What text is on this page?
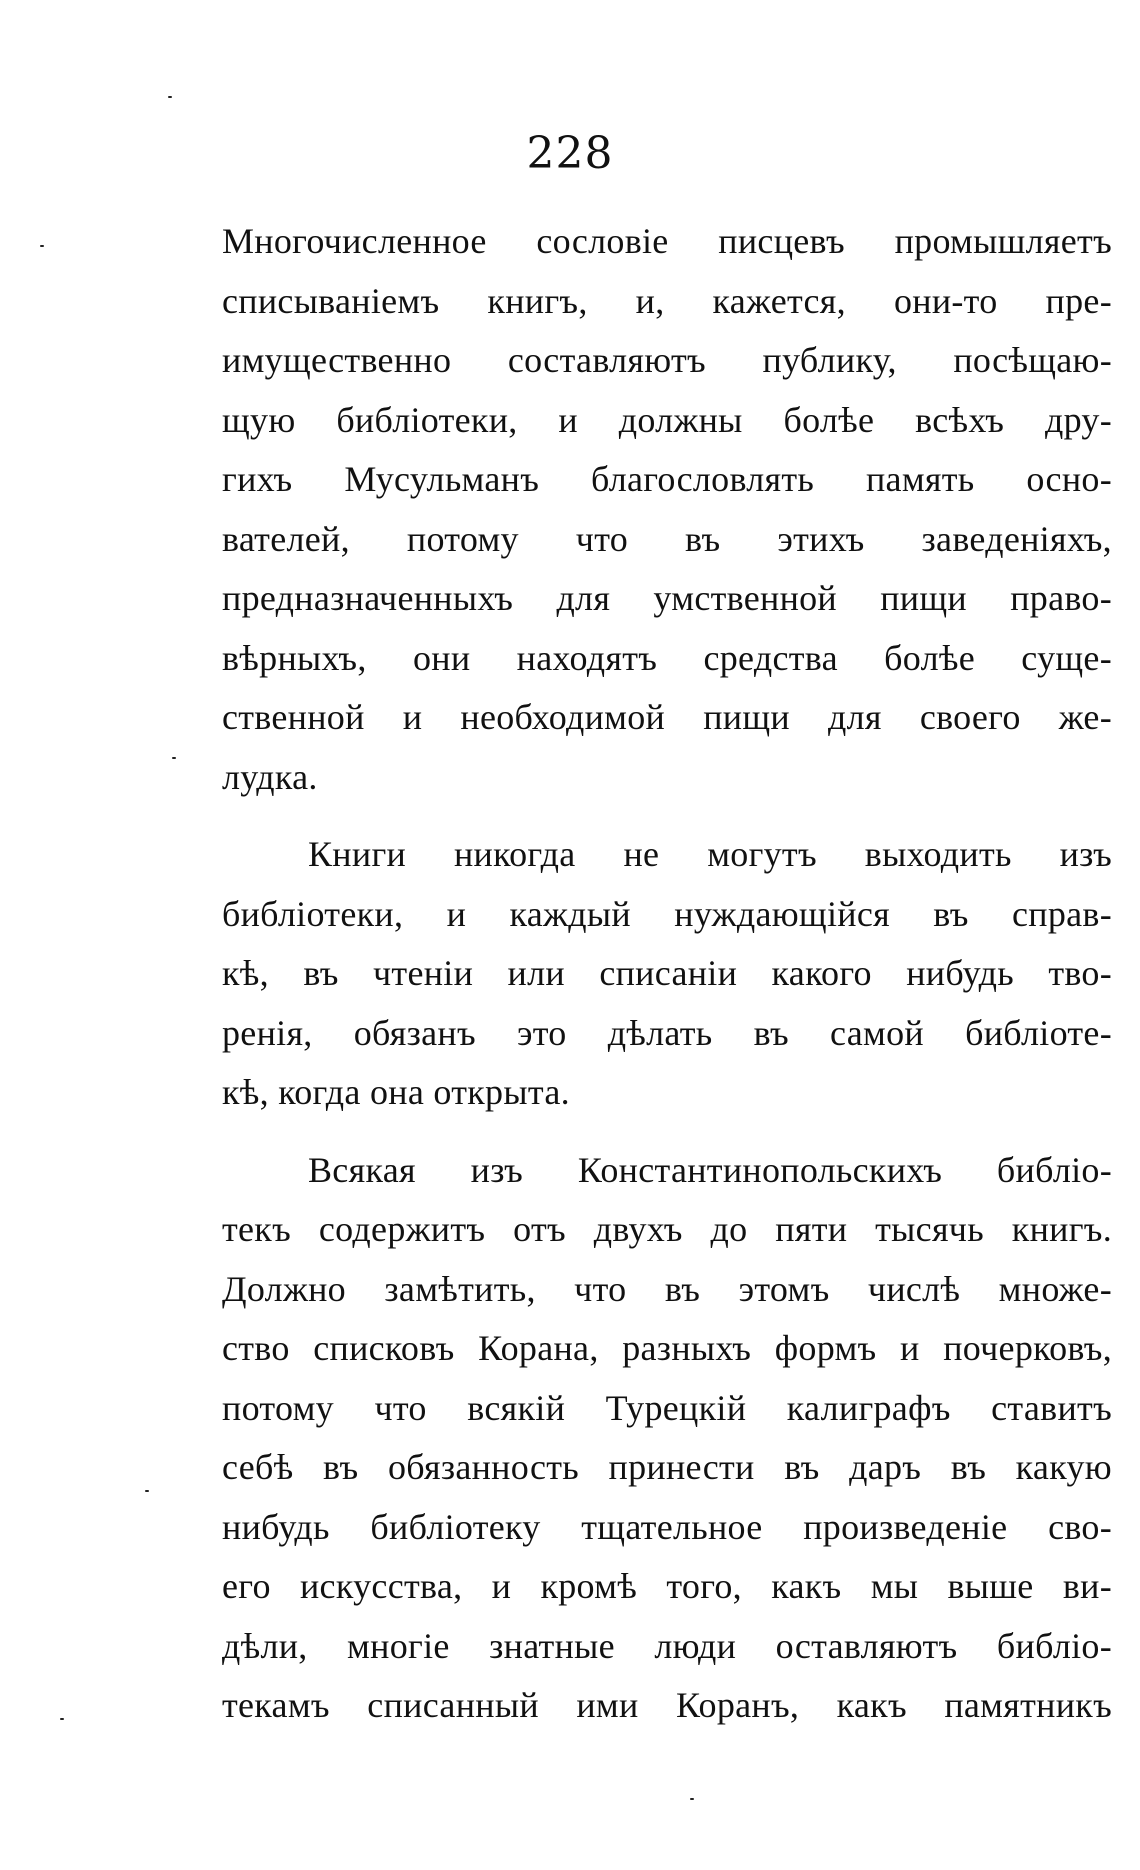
228

Многочисленное сословіе писцевъ промышляетъ
списываніемъ книгъ, и, кажется, они-то пре-
имущественно составляютъ публику, посѣщаю-
щую библіотеки, и должны болѣе всѣхъ дру-
гихъ Мусульманъ благословлять память осно-
вателей, потому что въ этихъ заведеніяхъ,
предназначенныхъ для умственной пищи право-
вѣрныхъ, они находятъ средства болѣе суще-
ственной и необходимой пищи для своего же-
лудка.

Книги никогда не могутъ выходить изъ
библіотеки, и каждый нуждающійся въ справ-
кѣ, въ чтеніи или списаніи какого нибудь тво-
ренія, обязанъ это дѣлать въ самой библіоте-
кѣ, когда она открыта.

Всякая изъ Константинопольскихъ библіо-
текъ содержитъ отъ двухъ до пяти тысячь книгъ.
Должно замѣтить, что въ этомъ числѣ множе-
ство списковъ Корана, разныхъ формъ и почерковъ,
потому что всякій Турецкій калиграфъ ставитъ
себѣ въ обязанность принести въ даръ въ какую
нибудь библіотеку тщательное произведеніе сво-
его искусства, и кромѣ того, какъ мы выше ви-
дѣли, многіе знатные люди оставляютъ библіо-
текамъ списанный ими Коранъ, какъ памятникъ
